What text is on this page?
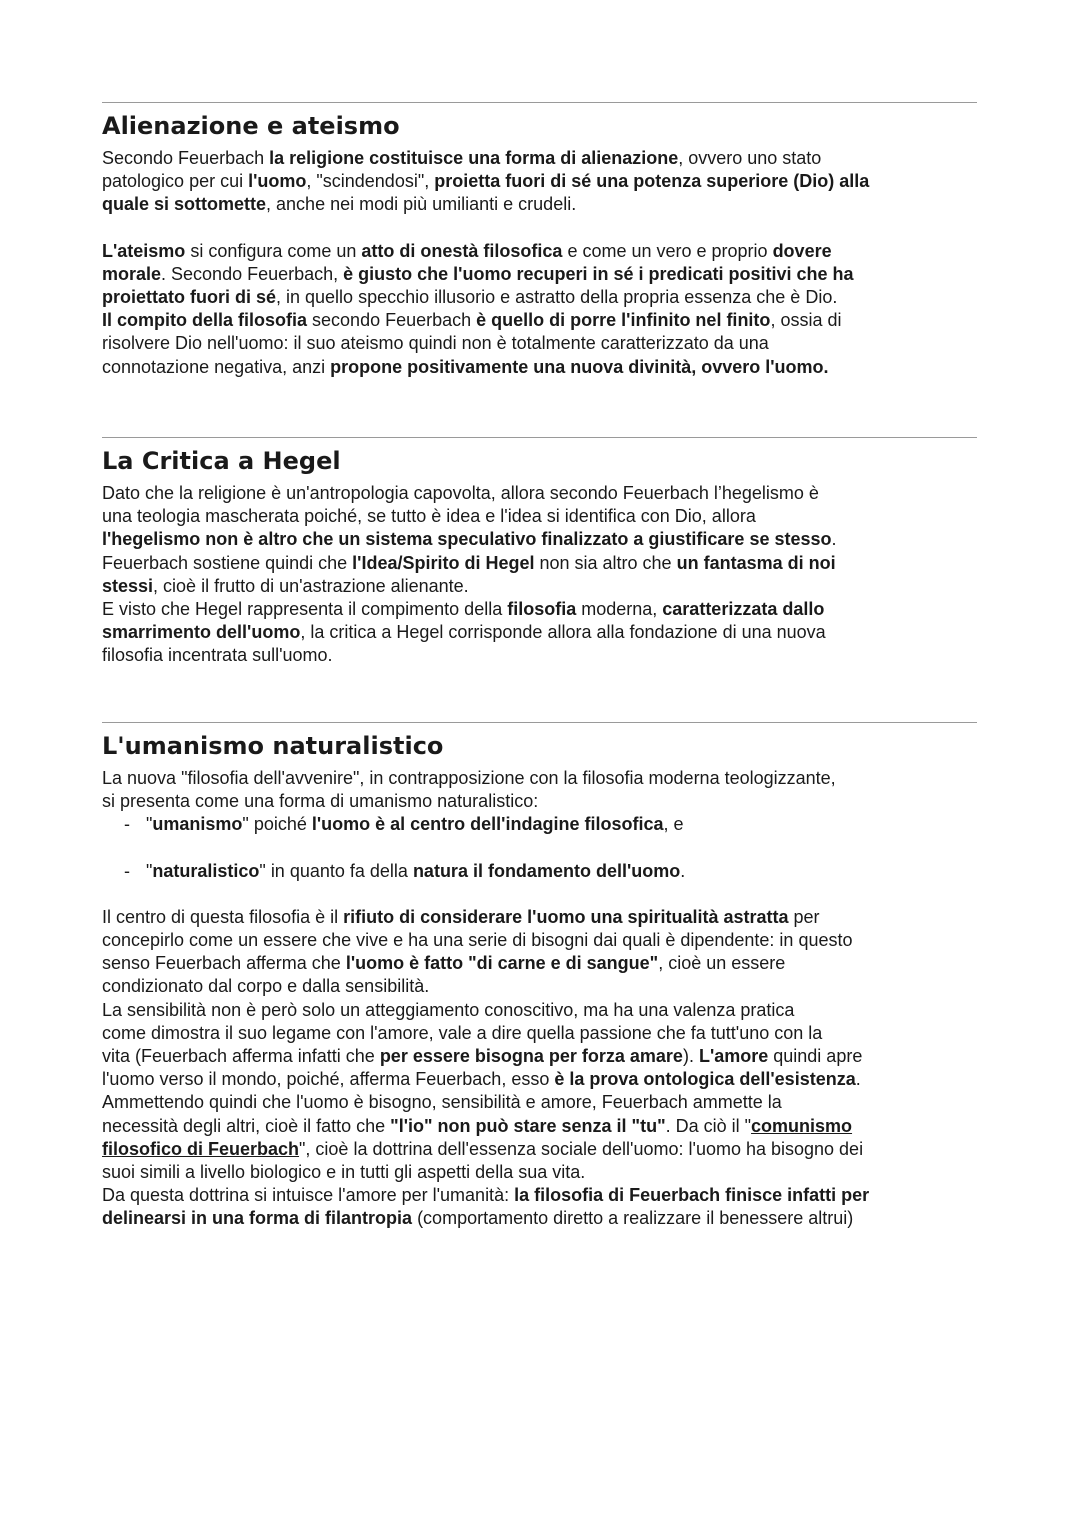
Alienazione e ateismo

Secondo Feuerbach la religione costituisce una forma di alienazione, ovvero uno stato
patologico per cui l'uomo, "scindendosi", proietta fuori di sé una potenza superiore (Dio) alla
quale si sottomette, anche nei modi più umilianti e crudeli.

L'ateismo si configura come un atto di onestà filosofica e come un vero e proprio dovere
morale. Secondo Feuerbach, è giusto che l'uomo recuperi in sé i predicati positivi che ha
proiettato fuori di sé, in quello specchio illusorio e astratto della propria essenza che è Dio.
Il compito della filosofia secondo Feuerbach è quello di porre l'infinito nel finito, ossia di
risolvere Dio nell'uomo: il suo ateismo quindi non è totalmente caratterizzato da una
connotazione negativa, anzi propone positivamente una nuova divinità, ovvero l'uomo.

La Critica a Hegel

Dato che la religione è un'antropologia capovolta, allora secondo Feuerbach l’hegelismo è
una teologia mascherata poiché, se tutto è idea e l'idea si identifica con Dio, allora
l'hegelismo non è altro che un sistema speculativo finalizzato a giustificare se stesso.
Feuerbach sostiene quindi che l'Idea/Spirito di Hegel non sia altro che un fantasma di noi
stessi, cioè il frutto di un'astrazione alienante.
E visto che Hegel rappresenta il compimento della filosofia moderna, caratterizzata dallo
smarrimento dell'uomo, la critica a Hegel corrisponde allora alla fondazione di una nuova
filosofia incentrata sull'uomo.

L'umanismo naturalistico

La nuova "filosofia dell'avvenire", in contrapposizione con la filosofia moderna teologizzante,
si presenta come una forma di umanismo naturalistico:

- "umanismo" poiché l'uomo è al centro dell'indagine filosofica, e
- "naturalistico" in quanto fa della natura il fondamento dell'uomo.

Il centro di questa filosofia è il rifiuto di considerare l'uomo una spiritualità astratta per
concepirlo come un essere che vive e ha una serie di bisogni dai quali è dipendente: in questo
senso Feuerbach afferma che l'uomo è fatto "di carne e di sangue", cioè un essere
condizionato dal corpo e dalla sensibilità.
La sensibilità non è però solo un atteggiamento conoscitivo, ma ha una valenza pratica
come dimostra il suo legame con l'amore, vale a dire quella passione che fa tutt'uno con la
vita (Feuerbach afferma infatti che per essere bisogna per forza amare). L'amore quindi apre
l'uomo verso il mondo, poiché, afferma Feuerbach, esso è la prova ontologica dell'esistenza.
Ammettendo quindi che l'uomo è bisogno, sensibilità e amore, Feuerbach ammette la
necessità degli altri, cioè il fatto che "l'io" non può stare senza il "tu". Da ciò il "comunismo
filosofico di Feuerbach", cioè la dottrina dell'essenza sociale dell'uomo: l'uomo ha bisogno dei
suoi simili a livello biologico e in tutti gli aspetti della sua vita.
Da questa dottrina si intuisce l'amore per l'umanità: la filosofia di Feuerbach finisce infatti per
delinearsi in una forma di filantropia (comportamento diretto a realizzare il benessere altrui)
